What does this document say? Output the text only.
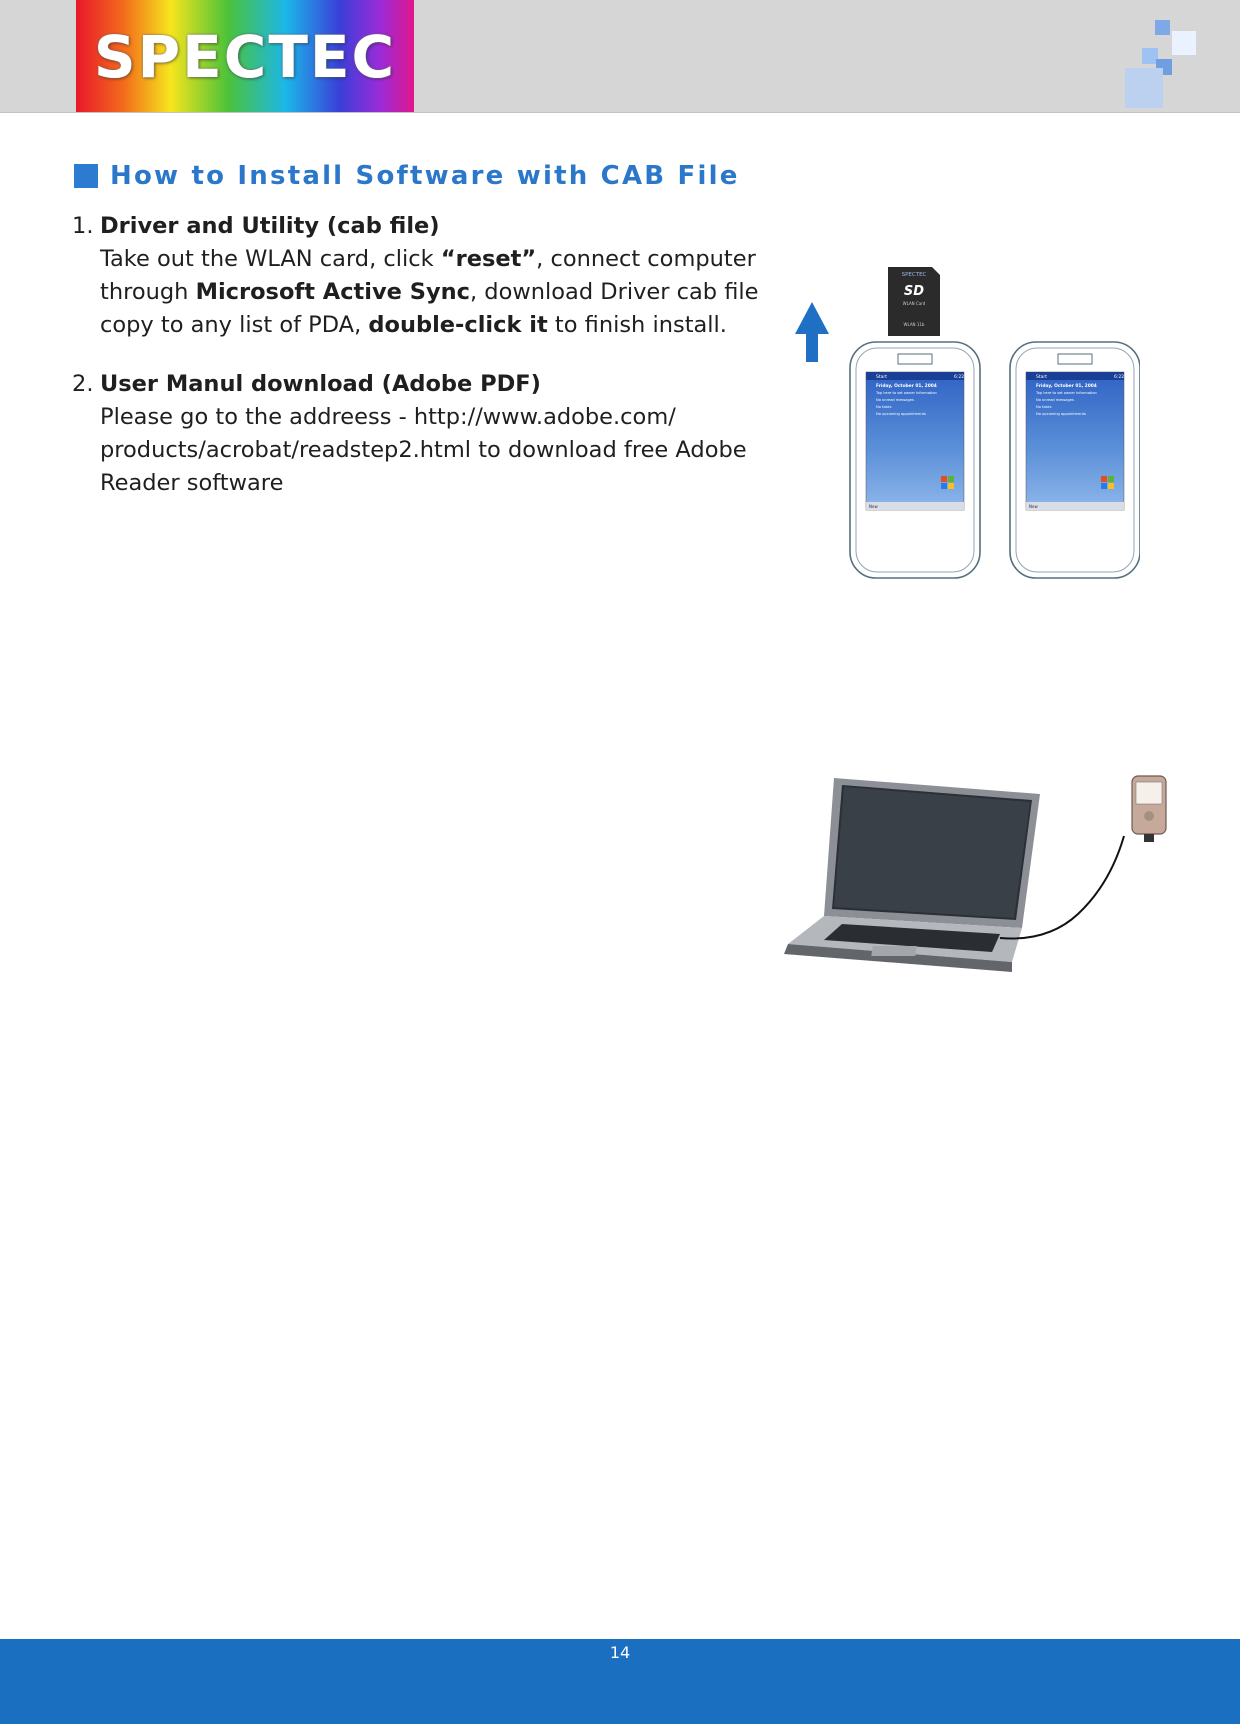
SPECTEC
How to Install Software with CAB File
1. Driver and Utility (cab file)
Take out the WLAN card, click “reset”, connect computer through Microsoft Active Sync, download Driver cab file copy to any list of PDA, double-click it to finish install.
2. User Manul download (Adobe PDF)
Please go to the addreess - http://www.adobe.com/ products/acrobat/readstep2.html to download free Adobe Reader software
SPECTEC
SD
WLAN Card
WLAN 11b
Start	6:22
Friday, October 01, 2004
Tap here to set owner information
No unread messages
No tasks
No upcoming appointments
New
Start	6:22
Friday, October 01, 2004
Tap here to set owner information
No unread messages
No tasks
No upcoming appointments
New
14
